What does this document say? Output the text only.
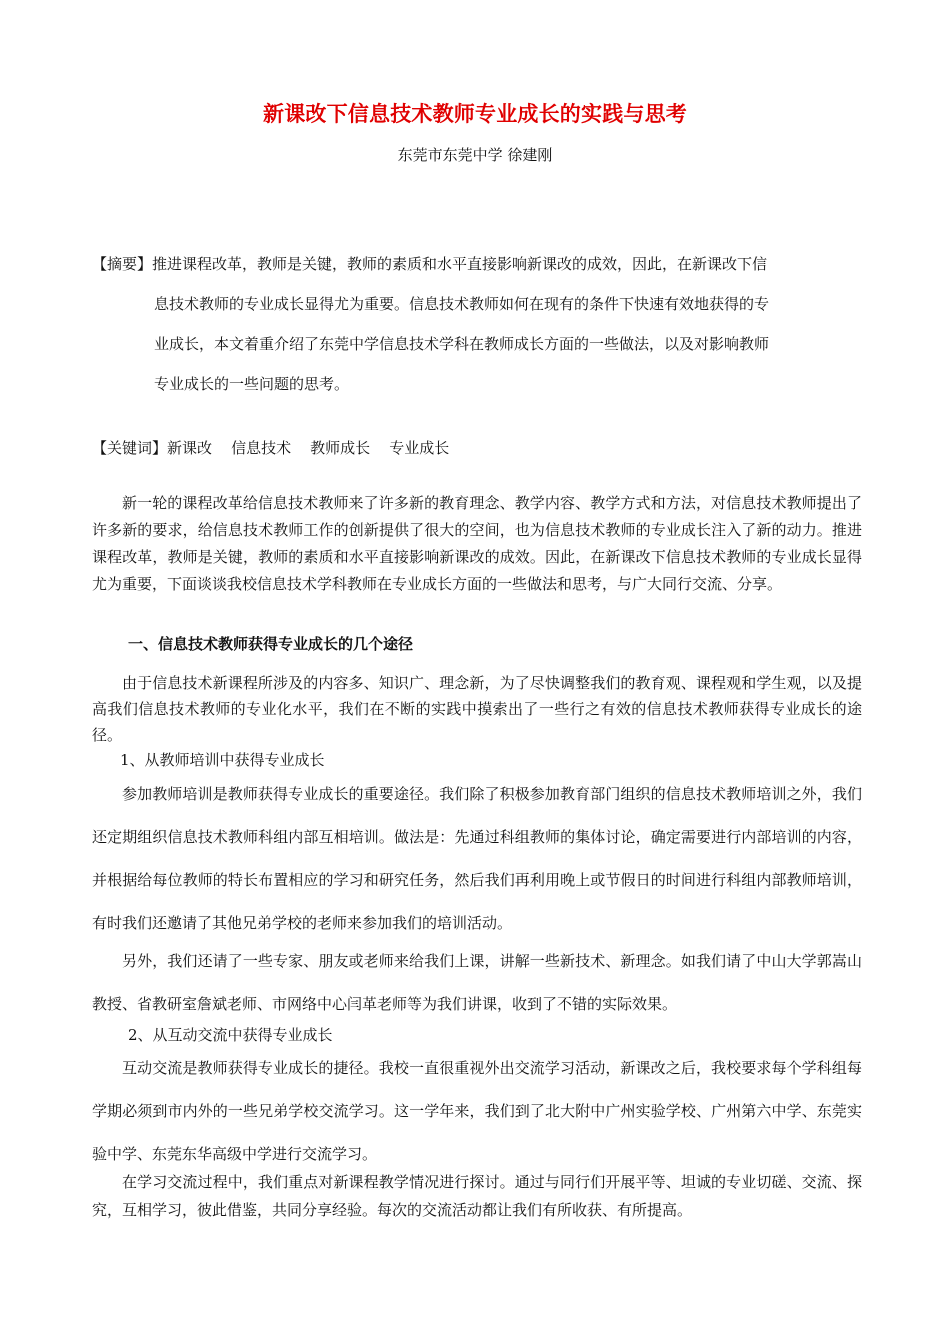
新课改下信息技术教师专业成长的实践与思考
东莞市东莞中学 徐建刚
【摘要】推进课程改革，教师是关键，教师的素质和水平直接影响新课改的成效，因此，在新课改下信
息技术教师的专业成长显得尤为重要。信息技术教师如何在现有的条件下快速有效地获得的专
业成长，本文着重介绍了东莞中学信息技术学科在教师成长方面的一些做法，以及对影响教师
专业成长的一些问题的思考。
【关键词】新课改    信息技术    教师成长    专业成长
新一轮的课程改革给信息技术教师来了许多新的教育理念、教学内容、教学方式和方法，对信息技术教师提出了许多新的要求，给信息技术教师工作的创新提供了很大的空间，也为信息技术教师的专业成长注入了新的动力。推进课程改革，教师是关键，教师的素质和水平直接影响新课改的成效。因此，在新课改下信息技术教师的专业成长显得尤为重要，下面谈谈我校信息技术学科教师在专业成长方面的一些做法和思考，与广大同行交流、分享。
一、信息技术教师获得专业成长的几个途径
由于信息技术新课程所涉及的内容多、知识广、理念新，为了尽快调整我们的教育观、课程观和学生观，以及提高我们信息技术教师的专业化水平，我们在不断的实践中摸索出了一些行之有效的信息技术教师获得专业成长的途径。
1、从教师培训中获得专业成长
参加教师培训是教师获得专业成长的重要途径。我们除了积极参加教育部门组织的信息技术教师培训之外，我们还定期组织信息技术教师科组内部互相培训。做法是：先通过科组教师的集体讨论，确定需要进行内部培训的内容，并根据给每位教师的特长布置相应的学习和研究任务，然后我们再利用晚上或节假日的时间进行科组内部教师培训，有时我们还邀请了其他兄弟学校的老师来参加我们的培训活动。
另外，我们还请了一些专家、朋友或老师来给我们上课，讲解一些新技术、新理念。如我们请了中山大学郭嵩山教授、省教研室詹斌老师、市网络中心闫革老师等为我们讲课，收到了不错的实际效果。
2、从互动交流中获得专业成长
互动交流是教师获得专业成长的捷径。我校一直很重视外出交流学习活动，新课改之后，我校要求每个学科组每学期必须到市内外的一些兄弟学校交流学习。这一学年来，我们到了北大附中广州实验学校、广州第六中学、东莞实验中学、东莞东华高级中学进行交流学习。
在学习交流过程中，我们重点对新课程教学情况进行探讨。通过与同行们开展平等、坦诚的专业切磋、交流、探究，互相学习，彼此借鉴，共同分享经验。每次的交流活动都让我们有所收获、有所提高。
